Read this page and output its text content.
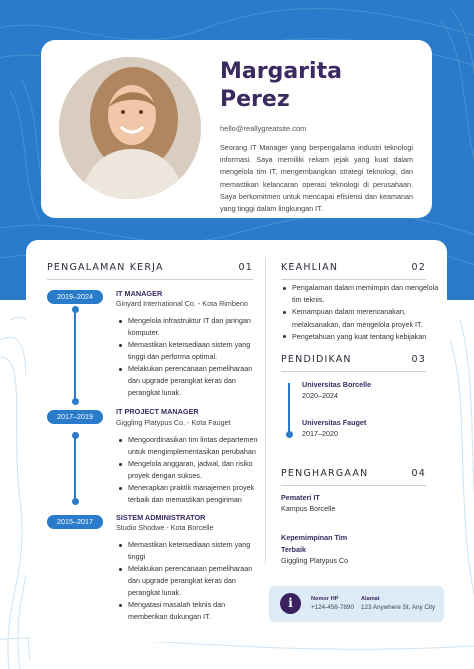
Margarita
Perez
hello@reallygreatsite.com
Seorang IT Manager yang berpengalama industri teknologi informasi. Saya memiliki rekam jejak yang kuat dalam mengelola tim IT, mengembangkan strategi teknologi, dan memastikan kelancaran operasi teknologi di perusahaan. Saya berkomitmen untuk mencapai efisiensi dan keamanan yang tinggi dalam lingkungan IT.
PENGALAMAN KERJA	01
2019–2024	IT MANAGER
Ginyard International Co. - Kota Rimberio
Mengelola infrastruktur IT dan jaringan komputer.
Memastikan ketersediaan sistem yang tinggi dan performa optimal.
Melakukan perencanaan pemeliharaan dan upgrade perangkat keras dan perangkat lunak.
2017–2019
IT PROJECT MANAGER
Giggling Platypus Co. - Kota Fauget
Mengoordinasikan tim lintas departemen untuk mengimplementasikan perubahan
Mengelola anggaran, jadwal, dan risiko proyek dengan sukses.
Menerapkan praktik manajemen proyek terbaik dan memastikan pengiriman
2015–2017	SISTEM ADMINISTRATOR
Studio Shodwe - Kota Borcelle
Memastikan ketersediaan sistem yang tinggi
Melakukan perencanaan pemeliharaan dan upgrade perangkat keras dan perangkat lunak.
Mengatasi masalah teknis dan memberikan dukungan IT.
KEAHLIAN	02
Pengalaman dalam memimpin dan mengelola tim teknis.
Kemampuan dalam merencanakan, melaksanakan, dan mengelola proyek IT.
Pengetahuan yang kuat tentang kebijakan
PENDIDIKAN	03
Universitas Borcelle
2020–2024
Universitas Fauget
2017–2020
PENGHARGAAN	04
Pemateri IT
Kampus Borcelle
Kepemimpinan Tim
Terbaik
Giggling Platypus Co
i	Nomor HP
+124-456-7890
Alamat
123 Anywhere St, Any City
